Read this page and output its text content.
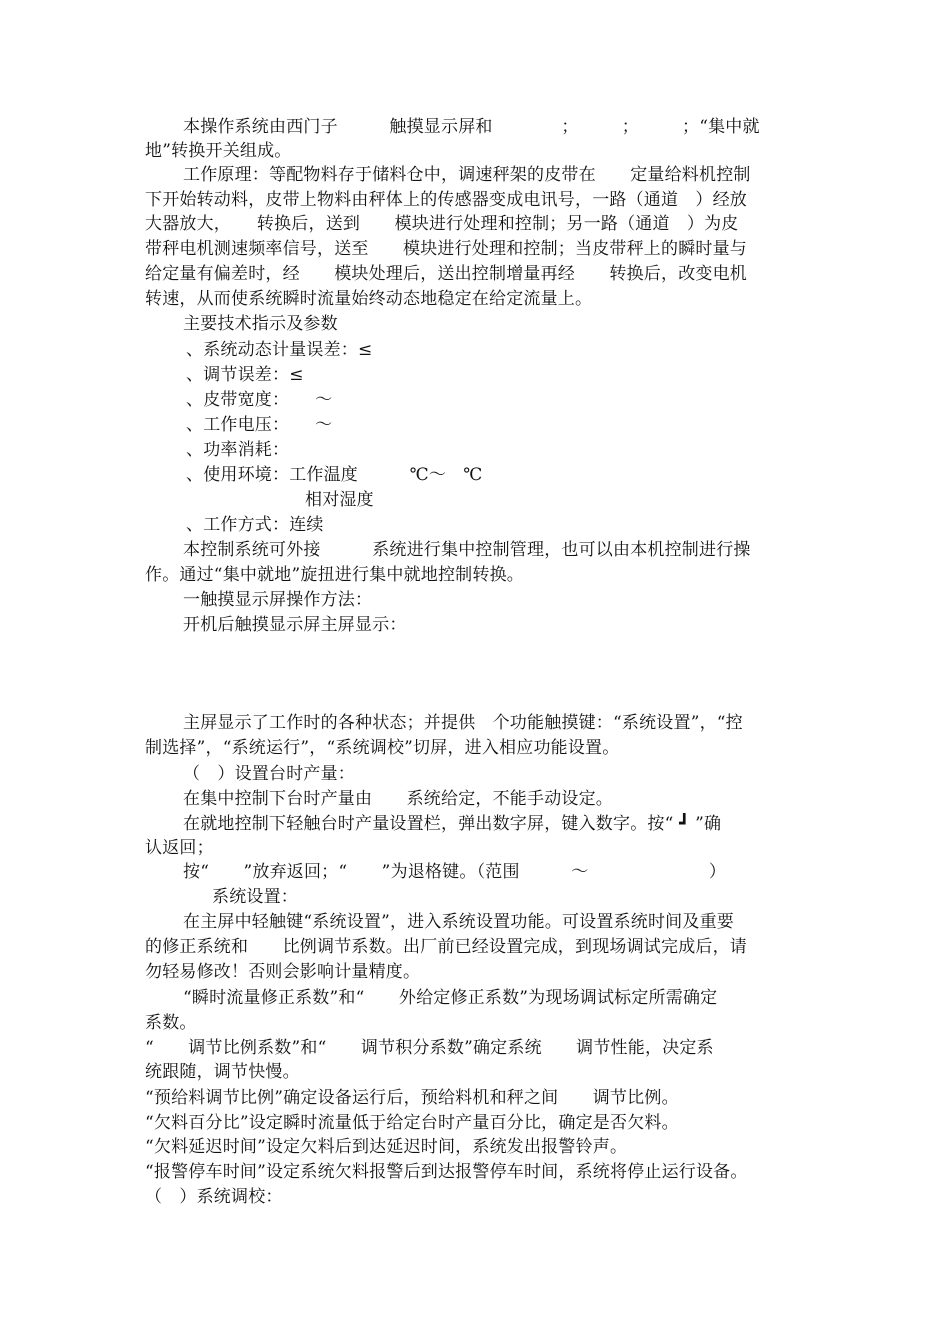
本操作系统由西门子　　　触摸显示屏和　　　　；　　　；　　　；“集中就
地”转换开关组成。
工作原理：等配物料存于储料仓中，调速秤架的皮带在　　定量给料机控制
下开始转动料，皮带上物料由秤体上的传感器变成电讯号，一路（通道　）经放
大器放大，　　转换后，送到　　模块进行处理和控制；另一路（通道　）为皮
带秤电机测速频率信号，送至　　模块进行处理和控制；当皮带秤上的瞬时量与
给定量有偏差时，经　　模块处理后，送出控制增量再经　　转换后，改变电机
转速，从而使系统瞬时流量始终动态地稳定在给定流量上。
主要技术指示及参数
、系统动态计量误差：≤
、调节误差：≤
、皮带宽度：　　～
、工作电压：　　～
、功率消耗：
、使用环境：工作温度　　　℃～　℃
相对湿度
、工作方式：连续
本控制系统可外接　　　系统进行集中控制管理，也可以由本机控制进行操
作。通过“集中就地”旋扭进行集中就地控制转换。
一触摸显示屏操作方法：
开机后触摸显示屏主屏显示：
主屏显示了工作时的各种状态；并提供　个功能触摸键：“系统设置”，“控
制选择”，“系统运行”，“系统调校”切屏，进入相应功能设置。
（　）设置台时产量：
在集中控制下台时产量由　　系统给定，不能手动设定。
在就地控制下轻触台时产量设置栏，弹出数字屏，键入数字。按“ ┛ ”确
认返回；
按“　　”放弃返回；“　　”为退格键。（范围　　　～　　　　　　　）
系统设置：
在主屏中轻触键“系统设置”，进入系统设置功能。可设置系统时间及重要
的修正系统和　　比例调节系数。出厂前已经设置完成，到现场调试完成后，请
勿轻易修改！否则会影响计量精度。
“瞬时流量修正系数”和“　　外给定修正系数”为现场调试标定所需确定
系数。
“　　调节比例系数”和“　　调节积分系数”确定系统　　调节性能，决定系
统跟随，调节快慢。
“预给料调节比例”确定设备运行后，预给料机和秤之间　　调节比例。
“欠料百分比”设定瞬时流量低于给定台时产量百分比，确定是否欠料。
“欠料延迟时间”设定欠料后到达延迟时间，系统发出报警铃声。
“报警停车时间”设定系统欠料报警后到达报警停车时间，系统将停止运行设备。
（　）系统调校：
